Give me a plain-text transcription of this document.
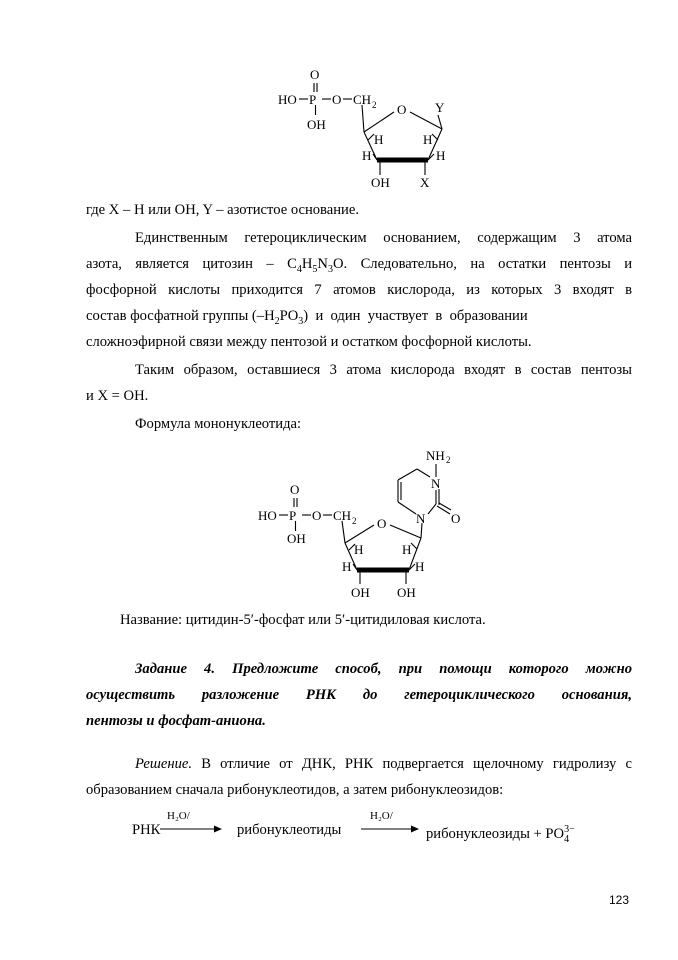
O
HO P O CH 2
OH
O Y
H	H
H	H
OH X
где X – H или OH, Y – азотистое основание.
Единственным гетероциклическим основанием, содержащим 3 атома
азота, является цитозин – $C_4H_5N_3O$. Следовательно, на остатки пентозы и
фосфорной кислоты приходится 7 атомов кислорода, из которых 3 входят в
состав фосфатной группы $(-H_2PO_3)$  и  один  участвует  в  образовании
сложноэфирной связи между пентозой и остатком фосфорной кислоты.
Таким образом, оставшиеся 3 атома кислорода входят в состав пентозы
и X = OH.
Формула мононуклеотида:
NH 2
N
O
N
O
HO P O CH 2
OH
O
H	H
H	H
OH OH
Название: цитидин-5′-фосфат или 5′-цитидиловая кислота.
Задание 4. Предложите способ, при помощи которого можно
осуществить разложение РНК до гетероциклического основания,
пентозы и фосфат-аниона.
Решение. В отличие от ДНК, РНК подвергается щелочному гидролизу с
образованием сначала рибонуклеотидов, а затем рибонуклеозидов:
РНК
H₂O/
→ рибонуклеотиды
H₂O/
→ рибонуклеозиды + $PO_4^{3-}$
123
